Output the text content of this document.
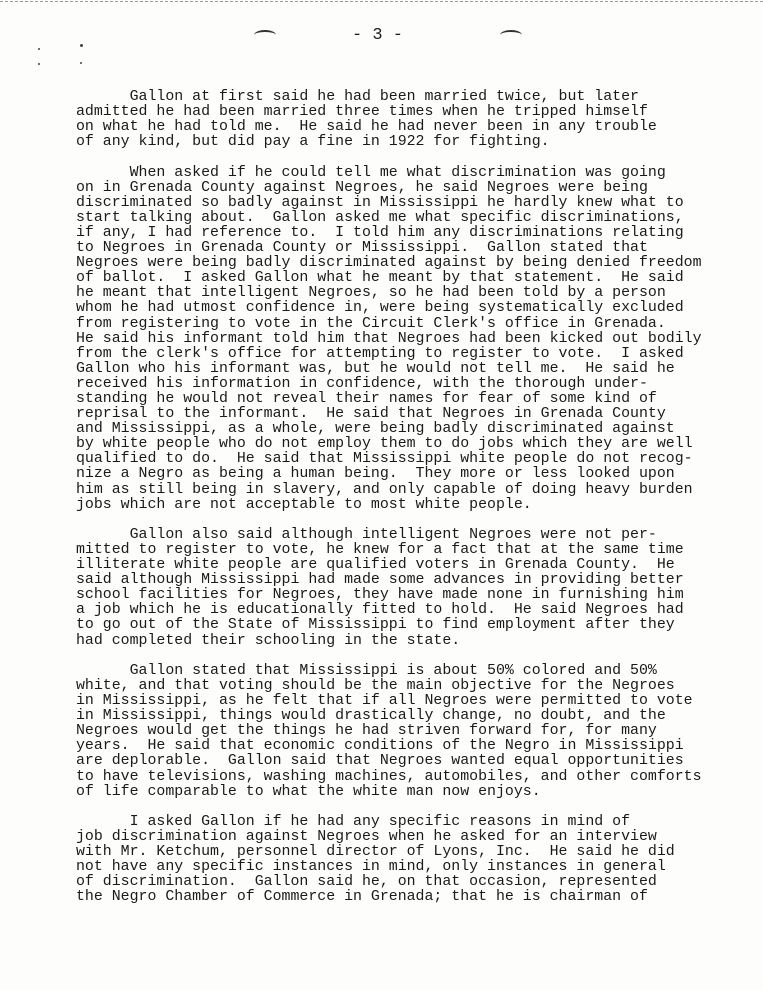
- 3 -
Gallon at first said he had been married twice, but later
admitted he had been married three times when he tripped himself
on what he had told me.  He said he had never been in any trouble
of any kind, but did pay a fine in 1922 for fighting.
When asked if he could tell me what discrimination was going
on in Grenada County against Negroes, he said Negroes were being
discriminated so badly against in Mississippi he hardly knew what to
start talking about.  Gallon asked me what specific discriminations,
if any, I had reference to.  I told him any discriminations relating
to Negroes in Grenada County or Mississippi.  Gallon stated that
Negroes were being badly discriminated against by being denied freedom
of ballot.  I asked Gallon what he meant by that statement.  He said
he meant that intelligent Negroes, so he had been told by a person
whom he had utmost confidence in, were being systematically excluded
from registering to vote in the Circuit Clerk's office in Grenada.
He said his informant told him that Negroes had been kicked out bodily
from the clerk's office for attempting to register to vote.  I asked
Gallon who his informant was, but he would not tell me.  He said he
received his information in confidence, with the thorough under-
standing he would not reveal their names for fear of some kind of
reprisal to the informant.  He said that Negroes in Grenada County
and Mississippi, as a whole, were being badly discriminated against
by white people who do not employ them to do jobs which they are well
qualified to do.  He said that Mississippi white people do not recog-
nize a Negro as being a human being.  They more or less looked upon
him as still being in slavery, and only capable of doing heavy burden
jobs which are not acceptable to most white people.
Gallon also said although intelligent Negroes were not per-
mitted to register to vote, he knew for a fact that at the same time
illiterate white people are qualified voters in Grenada County.  He
said although Mississippi had made some advances in providing better
school facilities for Negroes, they have made none in furnishing him
a job which he is educationally fitted to hold.  He said Negroes had
to go out of the State of Mississippi to find employment after they
had completed their schooling in the state.
Gallon stated that Mississippi is about 50% colored and 50%
white, and that voting should be the main objective for the Negroes
in Mississippi, as he felt that if all Negroes were permitted to vote
in Mississippi, things would drastically change, no doubt, and the
Negroes would get the things he had striven forward for, for many
years.  He said that economic conditions of the Negro in Mississippi
are deplorable.  Gallon said that Negroes wanted equal opportunities
to have televisions, washing machines, automobiles, and other comforts
of life comparable to what the white man now enjoys.
I asked Gallon if he had any specific reasons in mind of
job discrimination against Negroes when he asked for an interview
with Mr. Ketchum, personnel director of Lyons, Inc.  He said he did
not have any specific instances in mind, only instances in general
of discrimination.  Gallon said he, on that occasion, represented
the Negro Chamber of Commerce in Grenada; that he is chairman of
